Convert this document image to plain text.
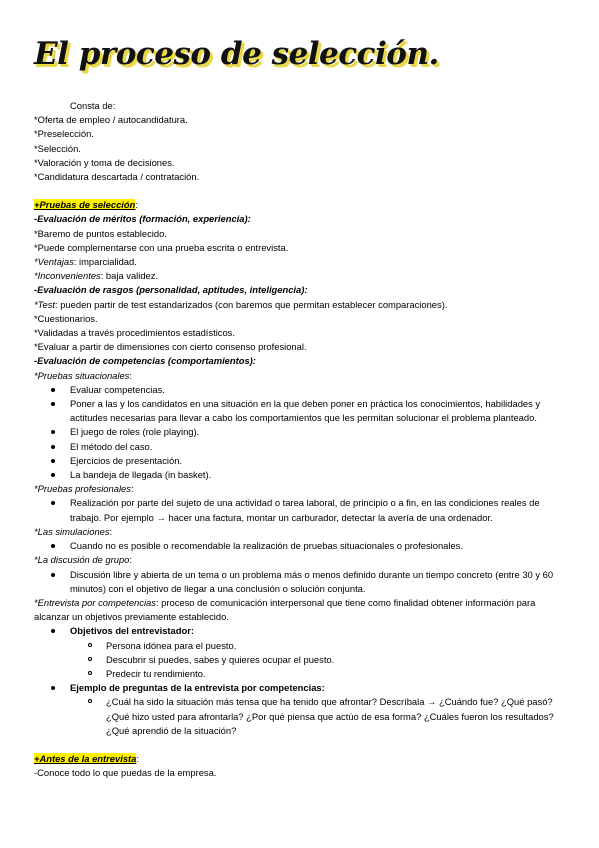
El proceso de selección.
Consta de:
*Oferta de empleo / autocandidatura.
*Preselección.
*Selección.
*Valoración y toma de decisiones.
*Candidatura descartada / contratación.
+Pruebas de selección:
-Evaluación de méritos (formación, experiencia):
*Baremo de puntos establecido.
*Puede complementarse con una prueba escrita o entrevista.
*Ventajas: imparcialidad.
*Inconvenientes: baja validez.
-Evaluación de rasgos (personalidad, aptitudes, inteligencia):
*Test: pueden partir de test estandarizados (con baremos que permitan establecer comparaciones).
*Cuestionarios.
*Validadas a través procedimientos estadísticos.
*Evaluar a partir de dimensiones con cierto consenso profesional.
-Evaluación de competencias (comportamientos):
*Pruebas situacionales:
Evaluar competencias.
Poner a las y los candidatos en una situación en la que deben poner en práctica los conocimientos, habilidades y actitudes necesarias para llevar a cabo los comportamientos que les permitan solucionar el problema planteado.
El juego de roles (role playing).
El método del caso.
Ejercicios de presentación.
La bandeja de llegada (in basket).
*Pruebas profesionales:
Realización por parte del sujeto de una actividad o tarea laboral, de principio o a fin, en las condiciones reales de trabajo. Por ejemplo → hacer una factura, montar un carburador, detectar la avería de una ordenador.
*Las simulaciones:
Cuando no es posible o recomendable la realización de pruebas situacionales o profesionales.
*La discusión de grupo:
Discusión libre y abierta de un tema o un problema más o menos definido durante un tiempo concreto (entre 30 y 60 minutos) con el objetivo de llegar a una conclusión o solución conjunta.
*Entrevista por competencias: proceso de comunicación interpersonal que tiene como finalidad obtener información para alcanzar un objetivos previamente establecido.
Objetivos del entrevistador:
Persona idónea para el puesto.
Descubrir si puedes, sabes y quieres ocupar el puesto.
Predecir tu rendimiento.
Ejemplo de preguntas de la entrevista por competencias:
¿Cuál ha sido la situación más tensa que ha tenido que afrontar? Descríbala → ¿Cuándo fue? ¿Qué pasó? ¿Qué hizo usted para afrontarla? ¿Por qué piensa que actúo de esa forma? ¿Cuáles fueron los resultados? ¿Qué aprendió de la situación?
+Antes de la entrevista:
-Conoce todo lo que puedas de la empresa.
